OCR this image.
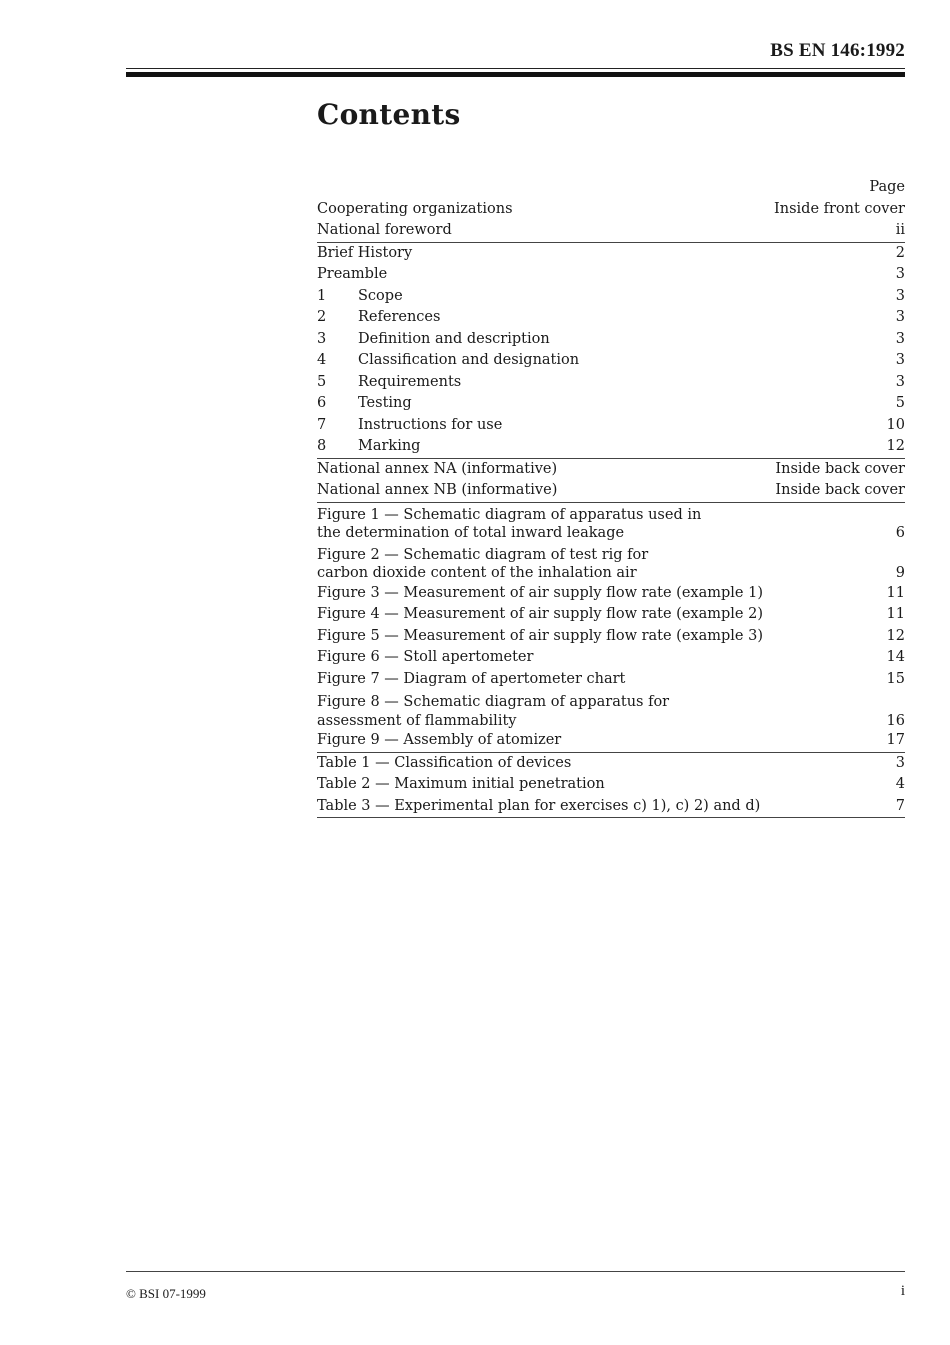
BS EN 146:1992
Contents
Page
Cooperating organizations	Inside front cover
National foreword	ii
Brief History	2
Preamble	3
1 Scope	3
2 References	3
3 Definition and description	3
4 Classification and designation	3
5 Requirements	3
6 Testing	5
7 Instructions for use	10
8 Marking	12
National annex NA (informative)	Inside back cover
National annex NB (informative)	Inside back cover
Figure 1 — Schematic diagram of apparatus used in
the determination of total inward leakage	6
Figure 2 — Schematic diagram of test rig for
carbon dioxide content of the inhalation air	9
Figure 3 — Measurement of air supply flow rate (example 1)	11
Figure 4 — Measurement of air supply flow rate (example 2)	11
Figure 5 — Measurement of air supply flow rate (example 3)	12
Figure 6 — Stoll apertometer	14
Figure 7 — Diagram of apertometer chart	15
Figure 8 — Schematic diagram of apparatus for
assessment of flammability	16
Figure 9 — Assembly of atomizer	17
Table 1 — Classification of devices	3
Table 2 — Maximum initial penetration	4
Table 3 — Experimental plan for exercises c) 1), c) 2) and d)	7
© BSI 07-1999	i
